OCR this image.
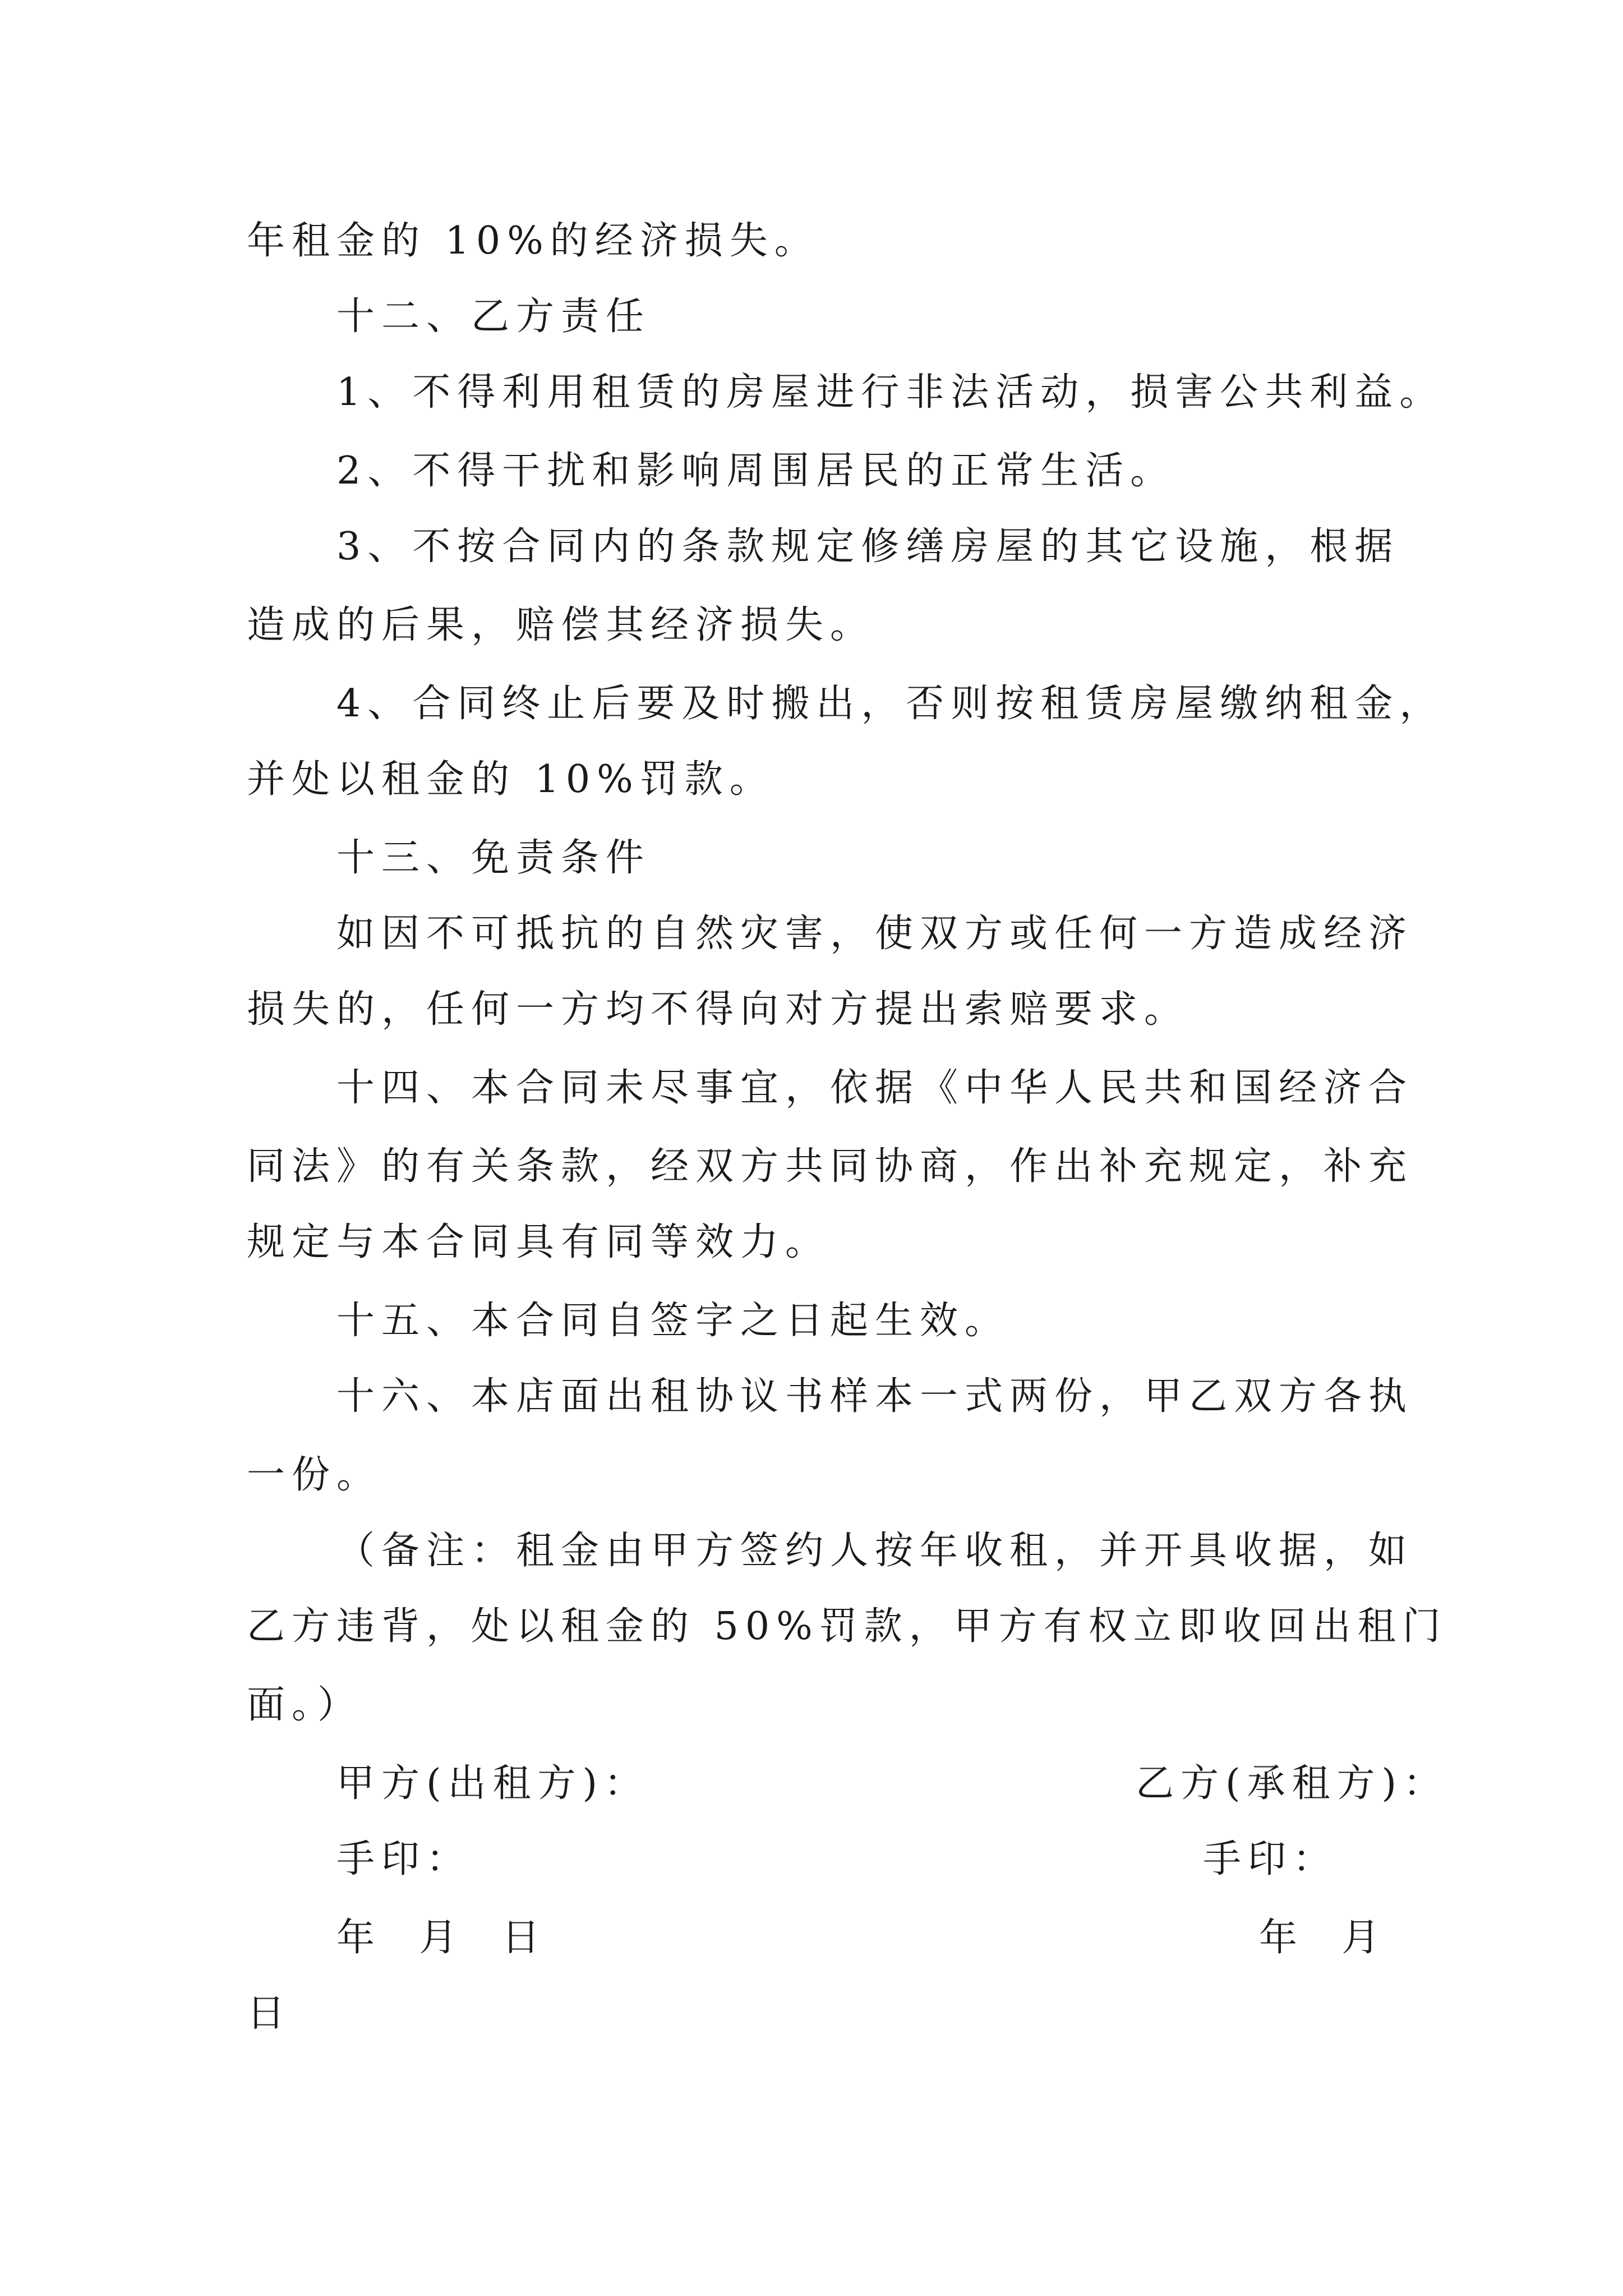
年租金的 10%的经济损失。
十二、乙方责任
1、不得利用租赁的房屋进行非法活动，损害公共利益。
2、不得干扰和影响周围居民的正常生活。
3、不按合同内的条款规定修缮房屋的其它设施，根据
造成的后果，赔偿其经济损失。
4、合同终止后要及时搬出，否则按租赁房屋缴纳租金，
并处以租金的 10%罚款。
十三、免责条件
如因不可抵抗的自然灾害，使双方或任何一方造成经济
损失的，任何一方均不得向对方提出索赔要求。
十四、本合同未尽事宜，依据《中华人民共和国经济合
同法》的有关条款，经双方共同协商，作出补充规定，补充
规定与本合同具有同等效力。
十五、本合同自签字之日起生效。
十六、本店面出租协议书样本一式两份，甲乙双方各执
一份。
（备注：租金由甲方签约人按年收租，并开具收据，如
乙方违背，处以租金的 50%罚款，甲方有权立即收回出租门
面。）

甲方(出租方)：

	乙方(承租方)：

手印：

	手印：

年  月  日

	年  月

日
